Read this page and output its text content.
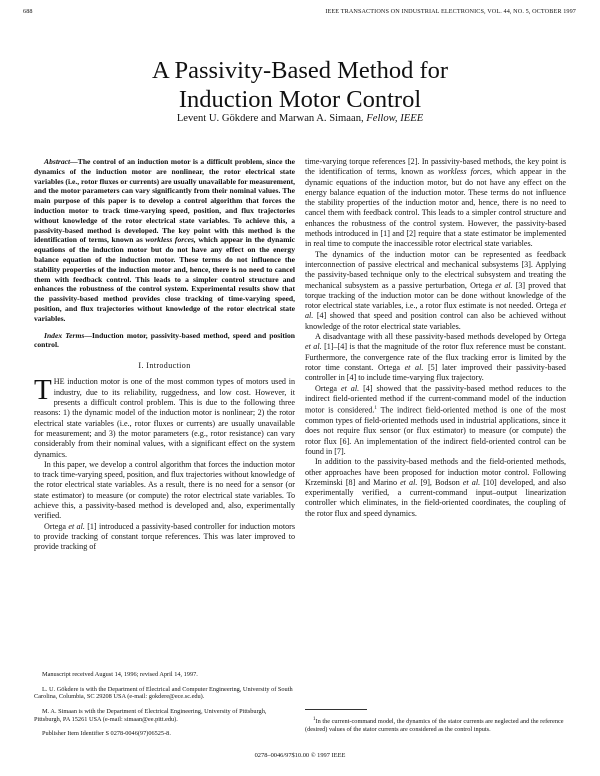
688	IEEE TRANSACTIONS ON INDUSTRIAL ELECTRONICS, VOL. 44, NO. 5, OCTOBER 1997
A Passivity-Based Method for
Induction Motor Control
Levent U. Gökdere and Marwan A. Simaan, Fellow, IEEE

Abstract—The control of an induction motor is a difficult problem, since the dynamics of the induction motor are nonlinear, the rotor electrical state variables (i.e., rotor fluxes or currents) are usually unavailable for measurement, and the motor parameters can vary significantly from their nominal values. The main purpose of this paper is to develop a control algorithm that forces the induction motor to track time-varying speed, position, and flux trajectories without knowledge of the rotor electrical state variables. To achieve this, a passivity-based method is developed. The key point with this method is the identification of terms, known as workless forces, which appear in the dynamic equations of the induction motor but do not have any effect on the energy balance equation of the induction motor. These terms do not influence the stability properties of the induction motor and, hence, there is no need to cancel them with feedback control. This leads to a simpler control structure and enhances the robustness of the control system. Experimental results show that the passivity-based method provides close tracking of time-varying speed, position, and flux trajectories without knowledge of the rotor electrical state variables.

Index Terms—Induction motor, passivity-based method, speed and position control.

I. Introduction

THE induction motor is one of the most common types of motors used in industry, due to its reliability, ruggedness, and low cost. However, it presents a difficult control problem. This is due to the following three reasons: 1) the dynamic model of the induction motor is nonlinear; 2) the rotor electrical state variables (i.e., rotor fluxes or currents) are usually unavailable for measurement; and 3) the motor parameters (e.g., rotor resistance) can vary considerably from their nominal values, with a significant effect on the system dynamics.

In this paper, we develop a control algorithm that forces the induction motor to track time-varying speed, position, and flux trajectories without knowledge of the rotor electrical state variables. As a result, there is no need for a sensor (or state estimator) to measure (or compute) the rotor electrical state variables. To achieve this, a passivity-based method is developed and, also, experimentally verified.

Ortega et al. [1] introduced a passivity-based controller for induction motors to provide tracking of constant torque references. This was later improved to provide tracking of

Manuscript received August 14, 1996; revised April 14, 1997.

L. U. Gökdere is with the Department of Electrical and Computer Engineering, University of South Carolina, Columbia, SC 29208 USA (e-mail: gokdere@ece.sc.edu).

M. A. Simaan is with the Department of Electrical Engineering, University of Pittsburgh, Pittsburgh, PA 15261 USA (e-mail: simaan@ee.pitt.edu).

Publisher Item Identifier S 0278-0046(97)06525-8.

time-varying torque references [2]. In passivity-based methods, the key point is the identification of terms, known as workless forces, which appear in the dynamic equations of the induction motor, but do not have any effect on the energy balance equation of the induction motor. These terms do not influence the stability properties of the induction motor and, hence, there is no need to cancel them with feedback control. This leads to a simpler control structure and enhances the robustness of the control system. However, the passivity-based methods introduced in [1] and [2] require that a state estimator be implemented in real time to compute the inaccessible rotor electrical state variables.

The dynamics of the induction motor can be represented as feedback interconnection of passive electrical and mechanical subsystems [3]. Applying the passivity-based technique only to the electrical subsystem and treating the mechanical subsystem as a passive perturbation, Ortega et al. [3] proved that torque tracking of the induction motor can be done without knowledge of the rotor electrical state variables, i.e., a rotor flux estimate is not needed. Ortega et al. [4] showed that speed and position control can also be achieved without knowledge of the rotor electrical state variables.

A disadvantage with all these passivity-based methods developed by Ortega et al. [1]–[4] is that the magnitude of the rotor flux reference must be constant. Furthermore, the convergence rate of the flux tracking error is limited by the rotor time constant. Ortega et al. [5] later improved their passivity-based controller in [4] to include time-varying flux trajectory.

Ortega et al. [4] showed that the passivity-based method reduces to the indirect field-oriented method if the current-command model of the induction motor is considered.$^1$ The indirect field-oriented method is one of the most common types of field-oriented methods used in industrial applications, since it does not require flux sensor (or flux estimator) to measure (or compute) the rotor flux [6]. An implementation of the indirect field-oriented control can be found in [7].

In addition to the passivity-based methods and the field-oriented methods, other approaches have been proposed for induction motor control. Following Krzeminski [8] and Marino et al. [9], Bodson et al. [10] developed, and also experimentally verified, a current-command input–output linearization controller which eliminates, in the field-oriented coordinates, the coupling of the rotor flux and speed dynamics.

$^1$In the current-command model, the dynamics of the stator currents are neglected and the reference (desired) values of the stator currents are considered as the control inputs.

0278–0046/97$10.00 © 1997 IEEE
